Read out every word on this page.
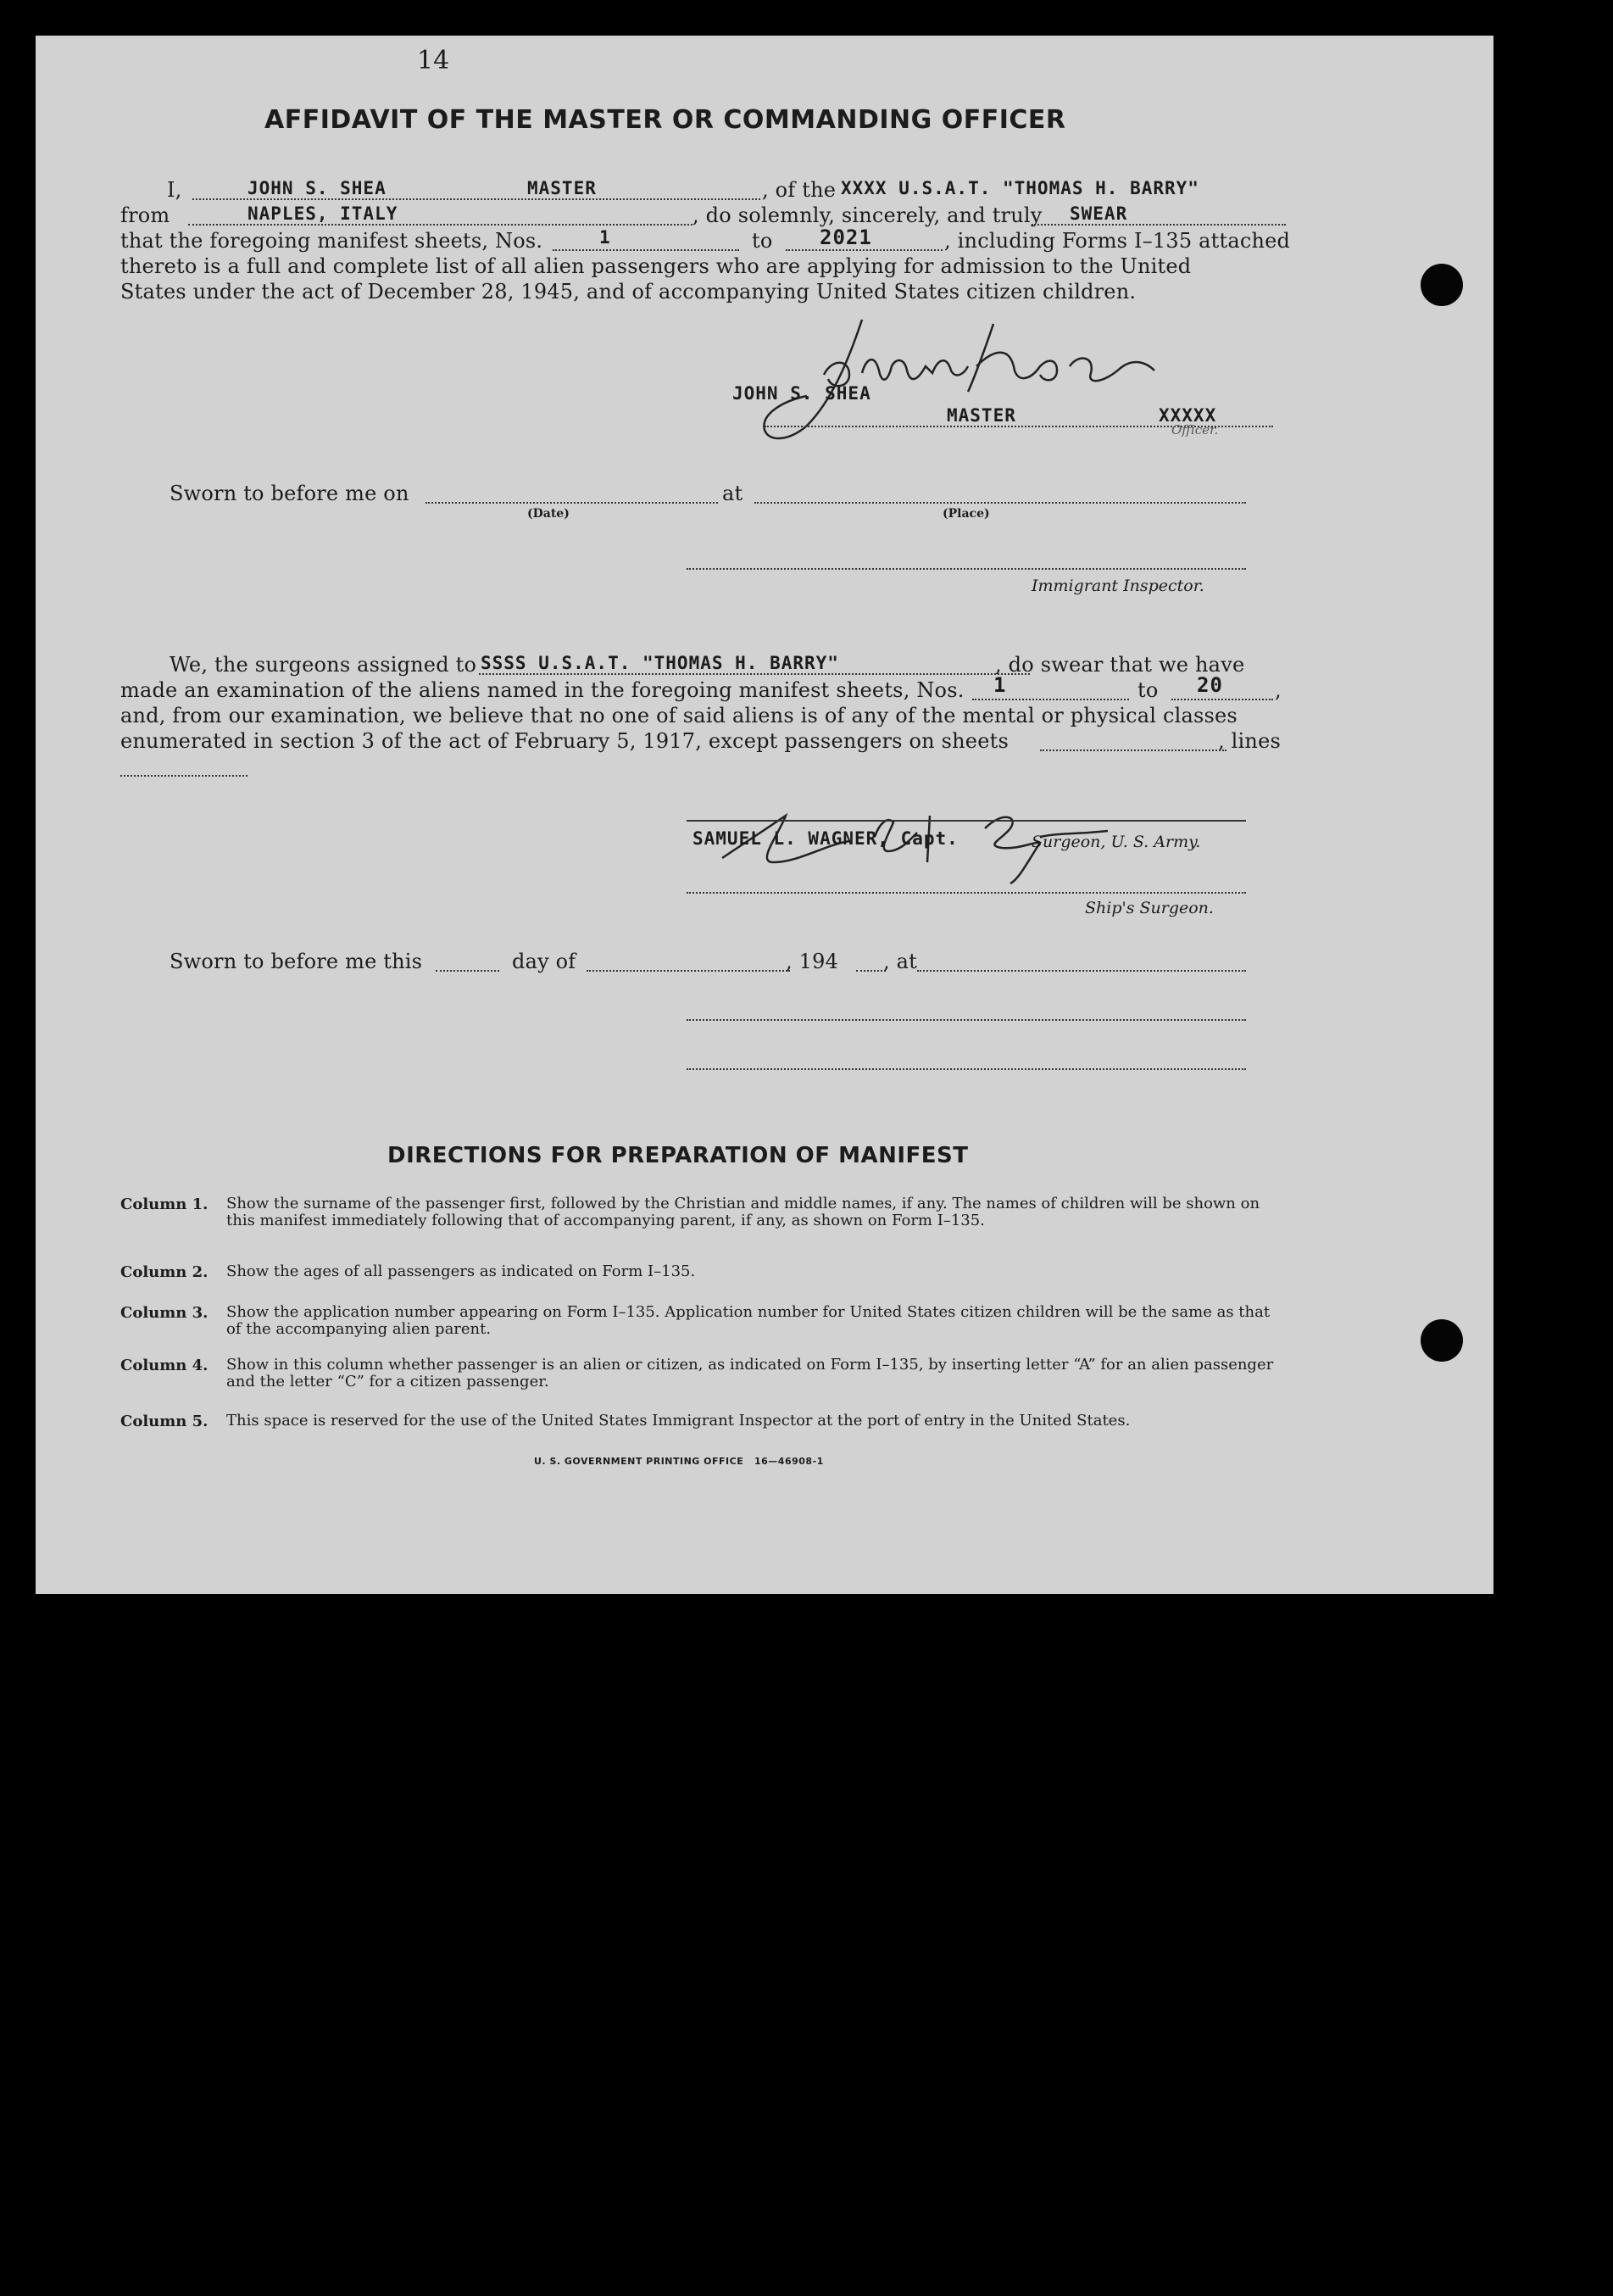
14
AFFIDAVIT OF THE MASTER OR COMMANDING OFFICER
I,	JOHN S. SHEA	MASTER	, of the XXXX U.S.A.T. "THOMAS H. BARRY"
from	NAPLES, ITALY	, do solemnly, sincerely, and truly SWEAR
that the foregoing manifest sheets, Nos.	1	to 2021	, including Forms I–135 attached
thereto is a full and complete list of all alien passengers who are applying for admission to the United
States under the act of December 28, 1945, and of accompanying United States citizen children.
JOHN S. SHEA
MASTER	XXXXX
Officer.
Sworn to before me on
(Date)
at
(Place)
Immigrant Inspector.
We, the surgeons assigned to SSSS U.S.A.T. "THOMAS H. BARRY"	, do swear that we have
made an examination of the aliens named in the foregoing manifest sheets, Nos. 1	to 20	,
and, from our examination, we believe that no one of said aliens is of any of the mental or physical classes
enumerated in section 3 of the act of February 5, 1917, except passengers on sheets	, lines
SAMUEL L. WAGNER, Capt.	Surgeon, U. S. Army.
Ship's Surgeon.
Sworn to before me this	day of	, 194 , at
DIRECTIONS FOR PREPARATION OF MANIFEST
Column 1. Show the surname of the passenger first, followed by the Christian and middle names, if any. The names of children will be shown on this manifest immediately following that of accompanying parent, if any, as shown on Form I–135.
Column 2. Show the ages of all passengers as indicated on Form I–135.
Column 3. Show the application number appearing on Form I–135. Application number for United States citizen children will be the same as that of the accompanying alien parent.
Column 4. Show in this column whether passenger is an alien or citizen, as indicated on Form I–135, by inserting letter “A” for an alien passenger and the letter “C” for a citizen passenger.
Column 5. This space is reserved for the use of the United States Immigrant Inspector at the port of entry in the United States.
U. S. GOVERNMENT PRINTING OFFICE 16—46908-1
